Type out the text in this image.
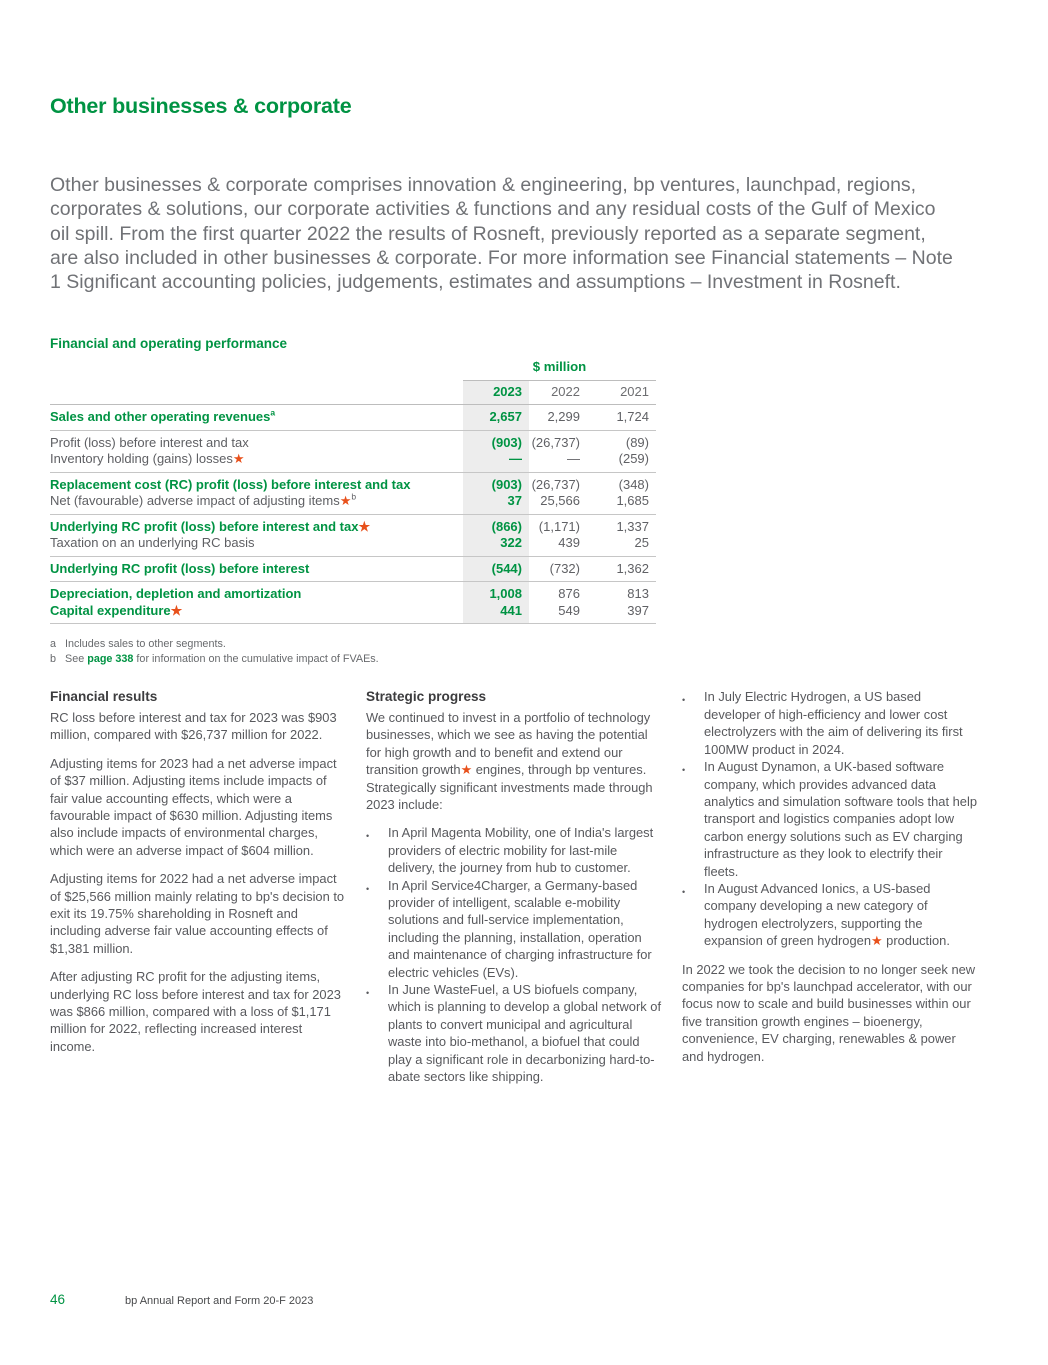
Other businesses & corporate

Other businesses & corporate comprises innovation & engineering, bp ventures, launchpad, regions, corporates & solutions, our corporate activities & functions and any residual costs of the Gulf of Mexico oil spill. From the first quarter 2022 the results of Rosneft, previously reported as a separate segment, are also included in other businesses & corporate. For more information see Financial statements – Note 1 Significant accounting policies, judgements, estimates and assumptions – Investment in Rosneft.

Financial and operating performance
	$ million		
	2023	2022	2021
Sales and other operating revenues$^a$	2,657	2,299	1,724
Profit (loss) before interest and tax	(903)	(26,737)	(89)
Inventory holding (gains) losses★	—	—	(259)
Replacement cost (RC) profit (loss) before interest and tax	(903)	(26,737)	(348)
Net (favourable) adverse impact of adjusting items★$^b$	37	25,566	1,685
Underlying RC profit (loss) before interest and tax★	(866)	(1,171)	1,337
Taxation on an underlying RC basis	322	439	25
Underlying RC profit (loss) before interest	(544)	(732)	1,362
Depreciation, depletion and amortization	1,008	876	813
Capital expenditure★	441	549	397
a Includes sales to other segments.
b See page 338 for information on the cumulative impact of FVAEs.
Financial results

RC loss before interest and tax for 2023 was $903 million, compared with $26,737 million for 2022.

Adjusting items for 2023 had a net adverse impact of $37 million. Adjusting items include impacts of fair value accounting effects, which were a favourable impact of $630 million. Adjusting items also include impacts of environmental charges, which were an adverse impact of $604 million.

Adjusting items for 2022 had a net adverse impact of $25,566 million mainly relating to bp's decision to exit its 19.75% shareholding in Rosneft and including adverse fair value accounting effects of $1,381 million.

After adjusting RC profit for the adjusting items, underlying RC loss before interest and tax for 2023 was $866 million, compared with a loss of $1,171 million for 2022, reflecting increased interest income.

Strategic progress

We continued to invest in a portfolio of technology businesses, which we see as having the potential for high growth and to benefit and extend our transition growth★ engines, through bp ventures. Strategically significant investments made through 2023 include:

•	In April Magenta Mobility, one of India's largest providers of electric mobility for last-mile delivery, the journey from hub to customer.
•	In April Service4Charger, a Germany-based provider of intelligent, scalable e-mobility solutions and full-service implementation, including the planning, installation, operation and maintenance of charging infrastructure for electric vehicles (EVs).
•	In June WasteFuel, a US biofuels company, which is planning to develop a global network of plants to convert municipal and agricultural waste into bio-methanol, a biofuel that could play a significant role in decarbonizing hard-to-abate sectors like shipping.
•	In July Electric Hydrogen, a US based developer of high-efficiency and lower cost electrolyzers with the aim of delivering its first 100MW product in 2024.
•	In August Dynamon, a UK-based software company, which provides advanced data analytics and simulation software tools that help transport and logistics companies adopt low carbon energy solutions such as EV charging infrastructure as they look to electrify their fleets.
•	In August Advanced Ionics, a US-based company developing a new category of hydrogen electrolyzers, supporting the expansion of green hydrogen★ production.

In 2022 we took the decision to no longer seek new companies for bp's launchpad accelerator, with our focus now to scale and build businesses within our five transition growth engines – bioenergy, convenience, EV charging, renewables & power and hydrogen.

46	bp Annual Report and Form 20-F 2023
